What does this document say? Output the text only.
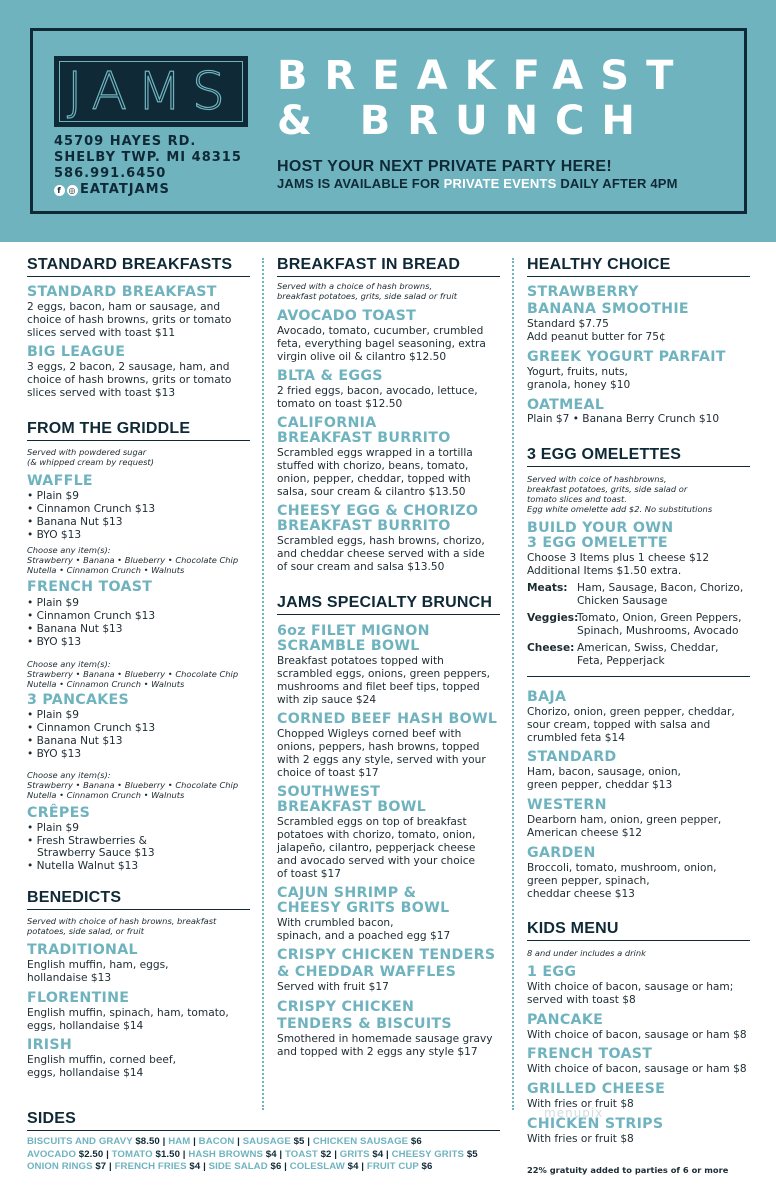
JAMS
45709 HAYES RD.
SHELBY TWP. MI 48315
586.991.6450
f ◎ EATATJAMS
BREAKFAST
& BRUNCH
HOST YOUR NEXT PRIVATE PARTY HERE!
JAMS IS AVAILABLE FOR PRIVATE EVENTS DAILY AFTER 4PM
STANDARD BREAKFASTS
STANDARD BREAKFAST
2 eggs, bacon, ham or sausage, and
choice of hash browns, grits or tomato
slices served with toast $11
BIG LEAGUE
3 eggs, 2 bacon, 2 sausage, ham, and
choice of hash browns, grits or tomato
slices served with toast $13
FROM THE GRIDDLE
Served with powdered sugar
(& whipped cream by request)
WAFFLE
• Plain $9
• Cinnamon Crunch $13
• Banana Nut $13
• BYO $13
Choose any item(s):
Strawberry • Banana • Blueberry • Chocolate Chip
Nutella • Cinnamon Crunch • Walnuts
FRENCH TOAST
• Plain $9
• Cinnamon Crunch $13
• Banana Nut $13
• BYO $13
Choose any item(s):
Strawberry • Banana • Blueberry • Chocolate Chip
Nutella • Cinnamon Crunch • Walnuts
3 PANCAKES
• Plain $9
• Cinnamon Crunch $13
• Banana Nut $13
• BYO $13
Choose any item(s):
Strawberry • Banana • Blueberry • Chocolate Chip
Nutella • Cinnamon Crunch • Walnuts
CRÊPES
• Plain $9
• Fresh Strawberries &
Strawberry Sauce $13
• Nutella Walnut $13
BENEDICTS
Served with choice of hash browns, breakfast
potatoes, side salad, or fruit
TRADITIONAL
English muffin, ham, eggs,
hollandaise $13
FLORENTINE
English muffin, spinach, ham, tomato,
eggs, hollandaise $14
IRISH
English muffin, corned beef,
eggs, hollandaise $14
BREAKFAST IN BREAD
Served with a choice of hash browns,
breakfast potatoes, grits, side salad or fruit
AVOCADO TOAST
Avocado, tomato, cucumber, crumbled
feta, everything bagel seasoning, extra
virgin olive oil & cilantro $12.50
BLTA & EGGS
2 fried eggs, bacon, avocado, lettuce,
tomato on toast $12.50
CALIFORNIA
BREAKFAST BURRITO
Scrambled eggs wrapped in a tortilla
stuffed with chorizo, beans, tomato,
onion, pepper, cheddar, topped with
salsa, sour cream & cilantro $13.50
CHEESY EGG & CHORIZO
BREAKFAST BURRITO
Scrambled eggs, hash browns, chorizo,
and cheddar cheese served with a side
of sour cream and salsa $13.50
JAMS SPECIALTY BRUNCH
6oz FILET MIGNON
SCRAMBLE BOWL
Breakfast potatoes topped with
scrambled eggs, onions, green peppers,
mushrooms and filet beef tips, topped
with zip sauce $24
CORNED BEEF HASH BOWL
Chopped Wigleys corned beef with
onions, peppers, hash browns, topped
with 2 eggs any style, served with your
choice of toast $17
SOUTHWEST
BREAKFAST BOWL
Scrambled eggs on top of breakfast
potatoes with chorizo, tomato, onion,
jalapeño, cilantro, pepperjack cheese
and avocado served with your choice
of toast $17
CAJUN SHRIMP &
CHEESY GRITS BOWL
With crumbled bacon,
spinach, and a poached egg $17
CRISPY CHICKEN TENDERS
& CHEDDAR WAFFLES
Served with fruit $17
CRISPY CHICKEN
TENDERS & BISCUITS
Smothered in homemade sausage gravy
and topped with 2 eggs any style $17
HEALTHY CHOICE
STRAWBERRY
BANANA SMOOTHIE
Standard $7.75
Add peanut butter for 75¢
GREEK YOGURT PARFAIT
Yogurt, fruits, nuts,
granola, honey $10
OATMEAL
Plain $7 • Banana Berry Crunch $10
3 EGG OMELETTES
Served with coice of hashbrowns,
breakfast potatoes, grits, side salad or
tomato slices and toast.
Egg white omelette add $2. No substitutions
BUILD YOUR OWN
3 EGG OMELETTE
Choose 3 Items plus 1 cheese $12
Additional Items $1.50 extra.
Meats: Ham, Sausage, Bacon, Chorizo,
Chicken Sausage
Veggies:
Tomato, Onion, Green Peppers,
Spinach, Mushrooms, Avocado
Cheese: American, Swiss, Cheddar,
Feta, Pepperjack
BAJA
Chorizo, onion, green pepper, cheddar,
sour cream, topped with salsa and
crumbled feta $14
STANDARD
Ham, bacon, sausage, onion,
green pepper, cheddar $13
WESTERN
Dearborn ham, onion, green pepper,
American cheese $12
GARDEN
Broccoli, tomato, mushroom, onion,
green pepper, spinach,
cheddar cheese $13
KIDS MENU
8 and under includes a drink
1 EGG
With choice of bacon, sausage or ham;
served with toast $8
PANCAKE
With choice of bacon, sausage or ham $8
FRENCH TOAST
With choice of bacon, sausage or ham $8
GRILLED CHEESE
With fries or fruit $8
CHICKEN STRIPS
With fries or fruit $8
menupix
22% gratuity added to parties of 6 or more
SIDES
BISCUITS AND GRAVY $8.50 | HAM | BACON | SAUSAGE $5 | CHICKEN SAUSAGE $6
AVOCADO $2.50 | TOMATO $1.50 | HASH BROWNS $4 | TOAST $2 | GRITS $4 | CHEESY GRITS $5
ONION RINGS $7 | FRENCH FRIES $4 | SIDE SALAD $6 | COLESLAW $4 | FRUIT CUP $6
